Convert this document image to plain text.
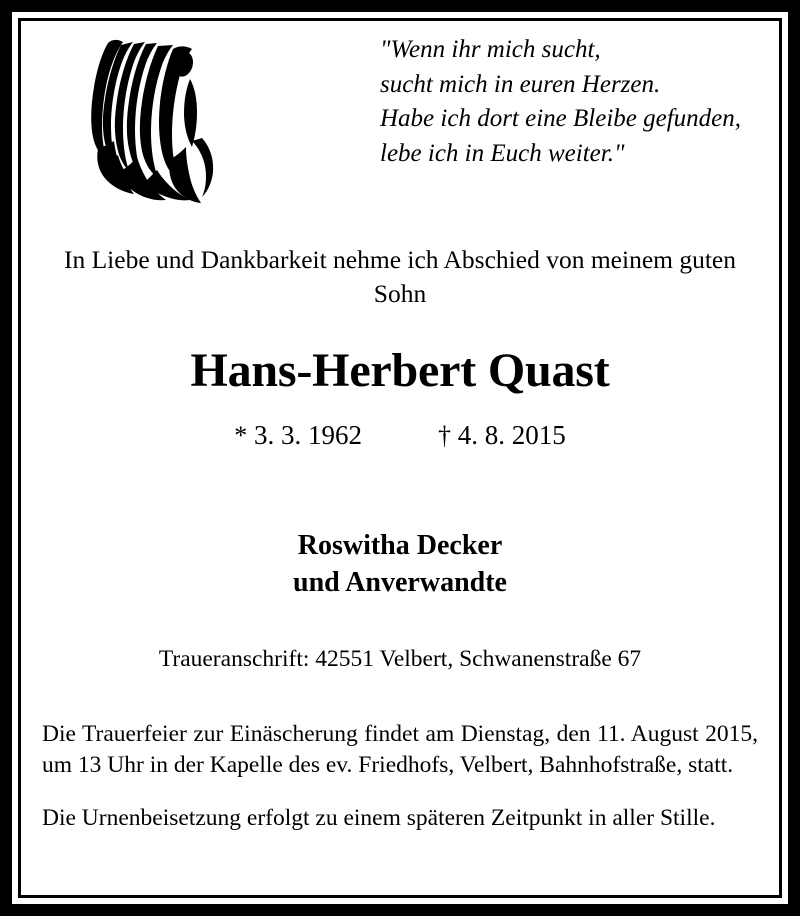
"Wenn ihr mich sucht,
sucht mich in euren Herzen.
Habe ich dort eine Bleibe gefunden,
lebe ich in Euch weiter."
In Liebe und Dankbarkeit nehme ich Abschied von meinem guten Sohn
Hans-Herbert Quast
* 3. 3. 1962	† 4. 8. 2015
Roswitha Decker
und Anverwandte
Traueranschrift: 42551 Velbert, Schwanenstraße 67
Die Trauerfeier zur Einäscherung findet am Dienstag, den 11. August 2015, um 13 Uhr in der Kapelle des ev. Friedhofs, Velbert, Bahnhofstraße, statt.
Die Urnenbeisetzung erfolgt zu einem späteren Zeitpunkt in aller Stille.
